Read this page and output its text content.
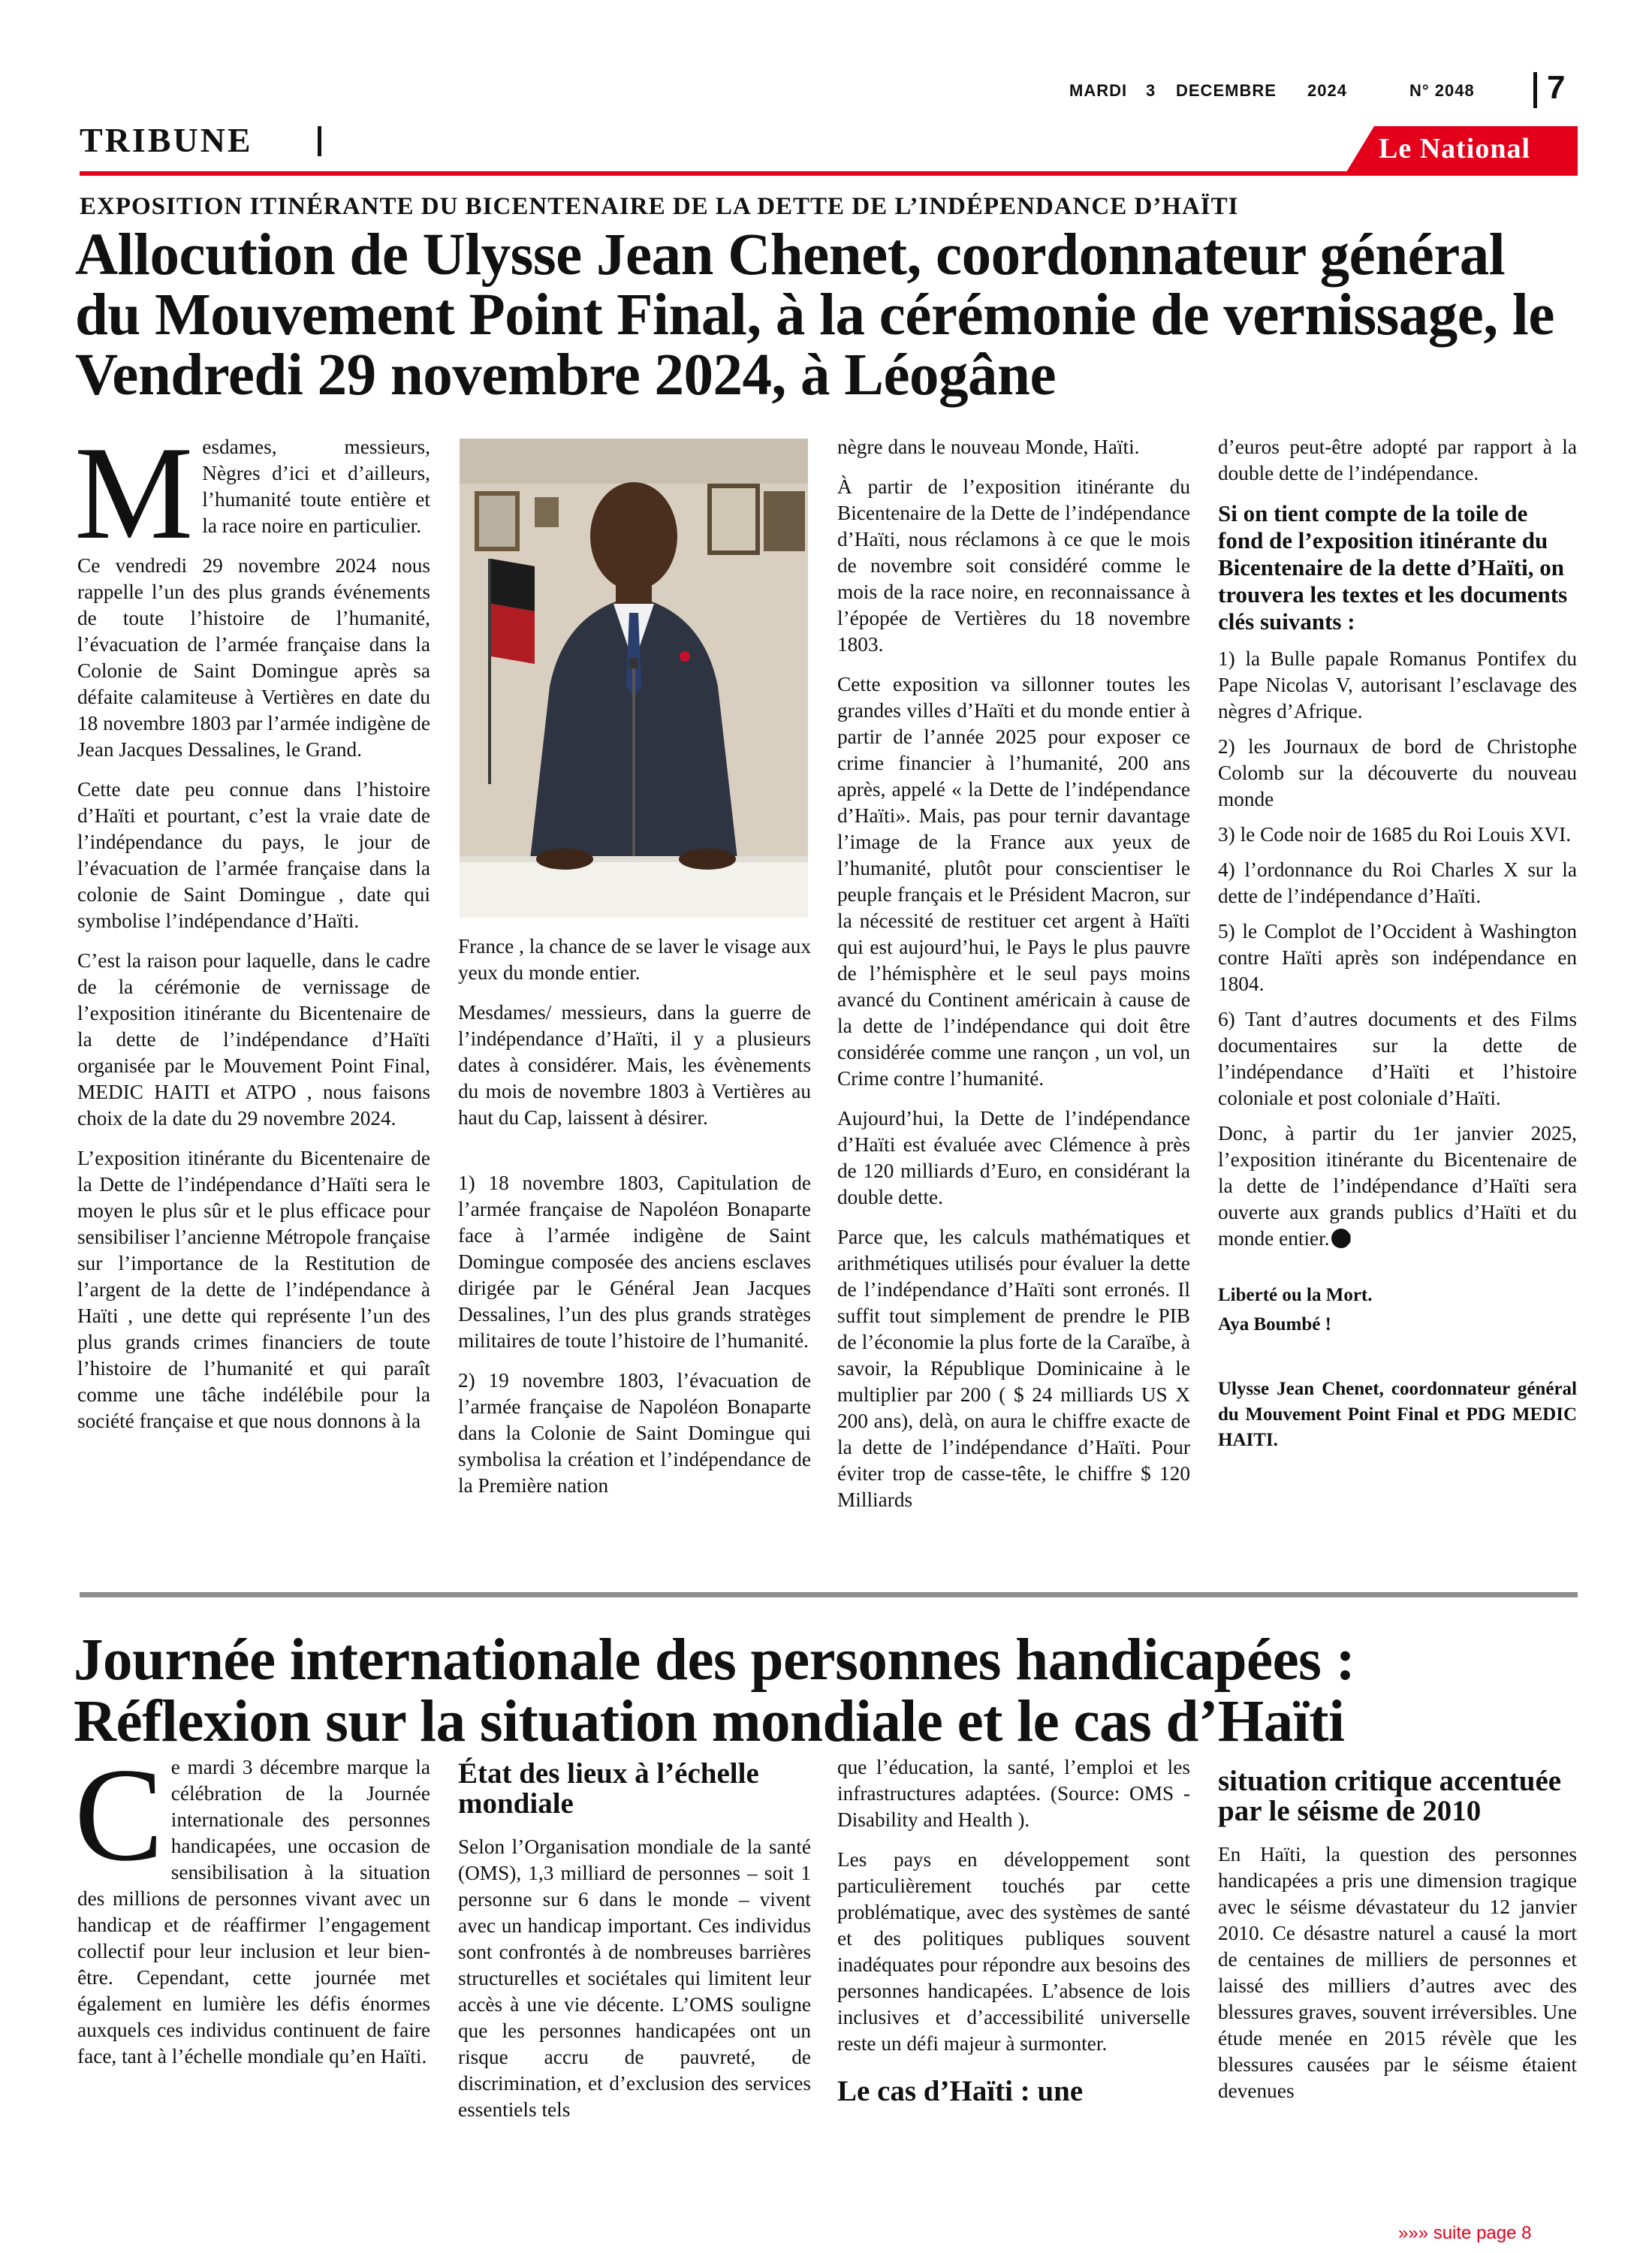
MARDI 3 DECEMBRE 2024	N° 2048 7
TRIBUNE	Le National
EXPOSITION ITINÉRANTE DU BICENTENAIRE DE LA DETTE DE L’INDÉPENDANCE D’HAÏTI
Allocution de Ulysse Jean Chenet, coordonnateur général
du Mouvement Point Final, à la cérémonie de vernissage, le
Vendredi 29 novembre 2024, à Léogâne

Mesdames, messieurs, Nègres d’ici et d’ailleurs, l’humanité toute entière et la race noire en particulier.

Ce vendredi 29 novembre 2024 nous rappelle l’un des plus grands événements de toute l’histoire de l’humanité, l’évacuation de l’armée française dans la Colonie de Saint Domingue après sa défaite calamiteuse à Vertières en date du 18 novembre 1803 par l’armée indigène de Jean Jacques Dessalines, le Grand.

Cette date peu connue dans l’histoire d’Haïti et pourtant, c’est la vraie date de l’indépendance du pays, le jour de l’évacuation de l’armée française dans la colonie de Saint Domingue , date qui symbolise l’indépendance d’Haïti.

C’est la raison pour laquelle, dans le cadre de la cérémonie de vernissage de l’exposition itinérante du Bicentenaire de la dette de l’indépendance d’Haïti organisée par le Mouvement Point Final, MEDIC HAITI et ATPO , nous faisons choix de la date du 29 novembre 2024.

L’exposition itinérante du Bicentenaire de la Dette de l’indépendance d’Haïti sera le moyen le plus sûr et le plus efficace pour sensibiliser l’ancienne Métropole française sur l’importance de la Restitution de l’argent de la dette de l’indépendance à Haïti , une dette qui représente l’un des plus grands crimes financiers de toute l’histoire de l’humanité et qui paraît comme une tâche indélébile pour la société française et que nous donnons à la

France , la chance de se laver le visage aux yeux du monde entier.

Mesdames/ messieurs, dans la guerre de l’indépendance d’Haïti, il y a plusieurs dates à considérer. Mais, les évènements du mois de novembre 1803 à Vertières au haut du Cap, laissent à désirer.

1) 18 novembre 1803, Capitulation de l’armée française de Napoléon Bonaparte face à l’armée indigène de Saint Domingue composée des anciens esclaves dirigée par le Général Jean Jacques Dessalines, l’un des plus grands stratèges militaires de toute l’histoire de l’humanité.

2) 19 novembre 1803, l’évacuation de l’armée française de Napoléon Bonaparte dans la Colonie de Saint Domingue qui symbolisa la création et l’indépendance de la Première nation

nègre dans le nouveau Monde, Haïti.

À partir de l’exposition itinérante du Bicentenaire de la Dette de l’indépendance d’Haïti, nous réclamons à ce que le mois de novembre soit considéré comme le mois de la race noire, en reconnaissance à l’épopée de Vertières du 18 novembre 1803.

Cette exposition va sillonner toutes les grandes villes d’Haïti et du monde entier à partir de l’année 2025 pour exposer ce crime financier à l’humanité, 200 ans après, appelé « la Dette de l’indépendance d’Haïti». Mais, pas pour ternir davantage l’image de la France aux yeux de l’humanité, plutôt pour conscientiser le peuple français et le Président Macron, sur la nécessité de restituer cet argent à Haïti qui est aujourd’hui, le Pays le plus pauvre de l’hémisphère et le seul pays moins avancé du Continent américain à cause de la dette de l’indépendance qui doit être considérée comme une rançon , un vol, un Crime contre l’humanité.

Aujourd’hui, la Dette de l’indépendance d’Haïti est évaluée avec Clémence à près de 120 milliards d’Euro, en considérant la double dette.

Parce que, les calculs mathématiques et arithmétiques utilisés pour évaluer la dette de l’indépendance d’Haïti sont erronés. Il suffit tout simplement de prendre le PIB de l’économie la plus forte de la Caraïbe, à savoir, la République Dominicaine à le multiplier par 200 ( $ 24 milliards US X 200 ans), delà, on aura le chiffre exacte de la dette de l’indépendance d’Haïti. Pour éviter trop de casse-tête, le chiffre $ 120 Milliards

d’euros peut-être adopté par rapport à la double dette de l’indépendance.

Si on tient compte de la toile de fond de l’exposition itinérante du Bicentenaire de la dette d’Haïti, on trouvera les textes et les documents clés suivants :

1) la Bulle papale Romanus Pontifex du Pape Nicolas V, autorisant l’esclavage des nègres d’Afrique.

2) les Journaux de bord de Christophe Colomb sur la découverte du nouveau monde

3) le Code noir de 1685 du Roi Louis XVI.

4) l’ordonnance du Roi Charles X sur la dette de l’indépendance d’Haïti.

5) le Complot de l’Occident à Washington contre Haïti après son indépendance en 1804.

6) Tant d’autres documents et des Films documentaires sur la dette de l’indépendance d’Haïti et l’histoire coloniale et post coloniale d’Haïti.

Donc, à partir du 1er janvier 2025, l’exposition itinérante du Bicentenaire de la dette de l’indépendance d’Haïti sera ouverte aux grands publics d’Haïti et du monde entier.

Liberté ou la Mort.

Aya Boumbé !

Ulysse Jean Chenet, coordonnateur général du Mouvement Point Final et PDG MEDIC HAITI.

Journée internationale des personnes handicapées :
Réflexion sur la situation mondiale et le cas d’Haïti

Ce mardi 3 décembre marque la célébration de la Journée internationale des personnes handicapées, une occasion de sensibilisation à la situation des millions de personnes vivant avec un handicap et de réaffirmer l’engagement collectif pour leur inclusion et leur bien-être. Cependant, cette journée met également en lumière les défis énormes auxquels ces individus continuent de faire face, tant à l’échelle mondiale qu’en Haïti.

État des lieux à l’échelle mondiale

Selon l’Organisation mondiale de la santé (OMS), 1,3 milliard de personnes – soit 1 personne sur 6 dans le monde – vivent avec un handicap important. Ces individus sont confrontés à de nombreuses barrières structurelles et sociétales qui limitent leur accès à une vie décente. L’OMS souligne que les personnes handicapées ont un risque accru de pauvreté, de discrimination, et d’exclusion des services essentiels tels

que l’éducation, la santé, l’emploi et les infrastructures adaptées. (Source: OMS - Disability and Health ).

Les pays en développement sont particulièrement touchés par cette problématique, avec des systèmes de santé et des politiques publiques souvent inadéquates pour répondre aux besoins des personnes handicapées. L’absence de lois inclusives et d’accessibilité universelle reste un défi majeur à surmonter.

Le cas d’Haïti : une
situation critique accentuée par le séisme de 2010

En Haïti, la question des personnes handicapées a pris une dimension tragique avec le séisme dévastateur du 12 janvier 2010. Ce désastre naturel a causé la mort de centaines de milliers de personnes et laissé des milliers d’autres avec des blessures graves, souvent irréversibles. Une étude menée en 2015 révèle que les blessures causées par le séisme étaient devenues

»»» suite page 8
